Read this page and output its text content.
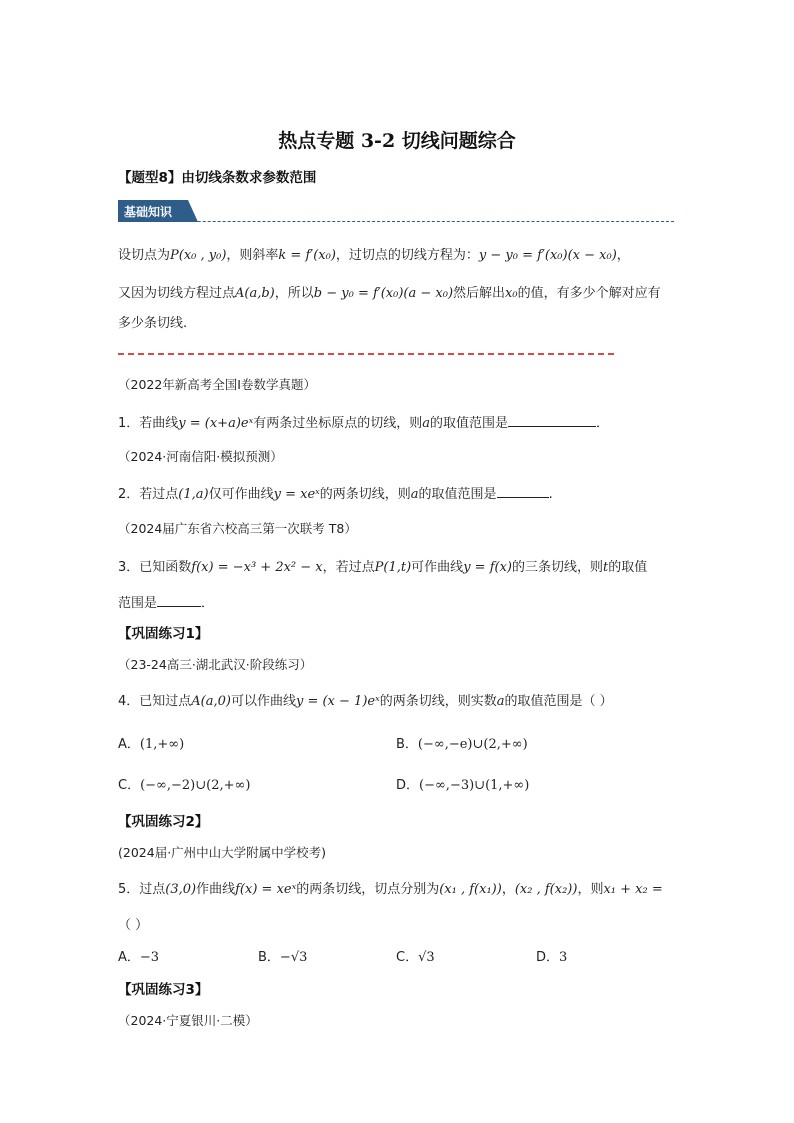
热点专题 3-2 切线问题综合
【题型8】由切线条数求参数范围
基础知识
设切点为P(x₀ , y₀)，则斜率k = f′(x₀)，过切点的切线方程为：y − y₀ = f′(x₀)(x − x₀)，
又因为切线方程过点A(a,b)，所以b − y₀ = f′(x₀)(a − x₀)然后解出x₀的值，有多少个解对应有
多少条切线.
（2022年新高考全国Ⅰ卷数学真题）
1．若曲线y = (x+a)eˣ有两条过坐标原点的切线，则a的取值范围是	．
（2024·河南信阳·模拟预测）
2．若过点(1,a)仅可作曲线y = xeˣ的两条切线，则a的取值范围是	.
（2024届广东省六校高三第一次联考 T8）
3．已知函数f(x) = −x³ + 2x² − x，若过点P(1,t)可作曲线y = f(x)的三条切线，则t的取值
范围是	．
【巩固练习1】
（23-24高三·湖北武汉·阶段练习）
4．已知过点A(a,0)可以作曲线y = (x − 1)eˣ的两条切线，则实数a的取值范围是（ ）
A．(1,+∞)	B．(−∞,−e)∪(2,+∞)
C．(−∞,−2)∪(2,+∞)	D．(−∞,−3)∪(1,+∞)
【巩固练习2】
(2024届·广州中山大学附属中学校考)
5．过点(3,0)作曲线f(x) = xeˣ的两条切线，切点分别为(x₁ , f(x₁))，(x₂ , f(x₂))，则x₁ + x₂ =
（ ）
A．−3	B．−√3	C．√3	D．3
【巩固练习3】
（2024·宁夏银川·二模）
